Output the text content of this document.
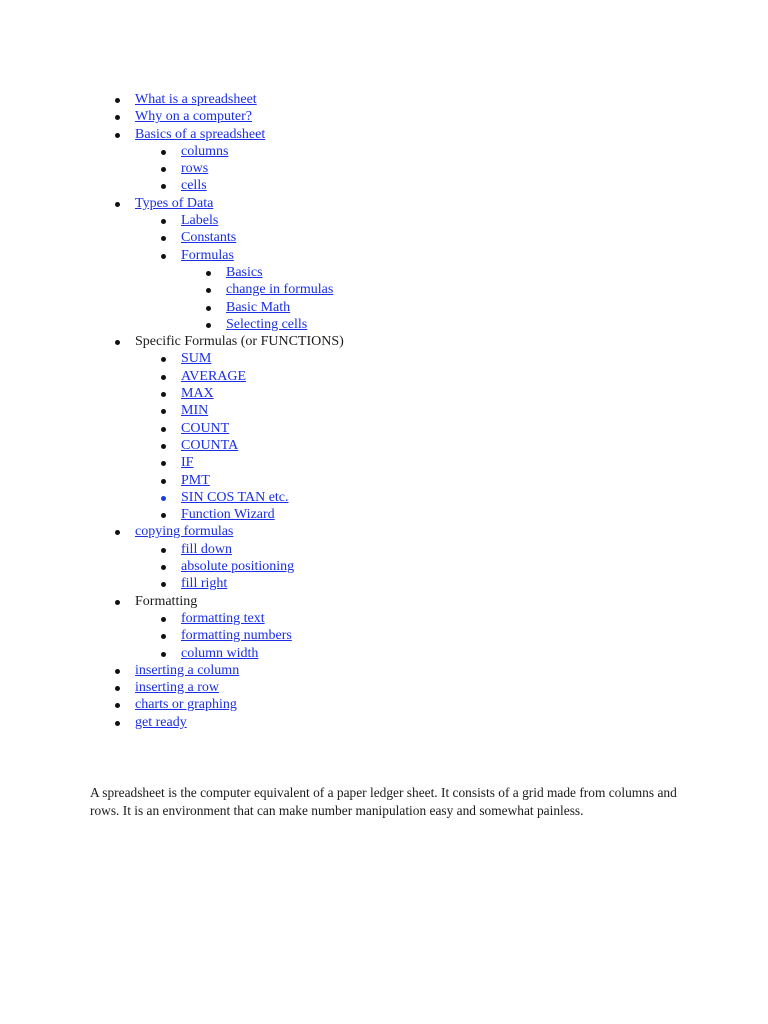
What is a spreadsheet
Why on a computer?
Basics of a spreadsheet
columns
rows
cells
Types of Data
Labels
Constants
Formulas
Basics
change in formulas
Basic Math
Selecting cells
Specific Formulas (or FUNCTIONS)
SUM
AVERAGE
MAX
MIN
COUNT
COUNTA
IF
PMT
SIN COS TAN etc.
Function Wizard
copying formulas
fill down
absolute positioning
fill right
Formatting
formatting text
formatting numbers
column width
inserting a column
inserting a row
charts or graphing
get ready

A spreadsheet is the computer equivalent of a paper ledger sheet. It consists of a grid made from columns and rows. It is an environment that can make number manipulation easy and somewhat painless.
